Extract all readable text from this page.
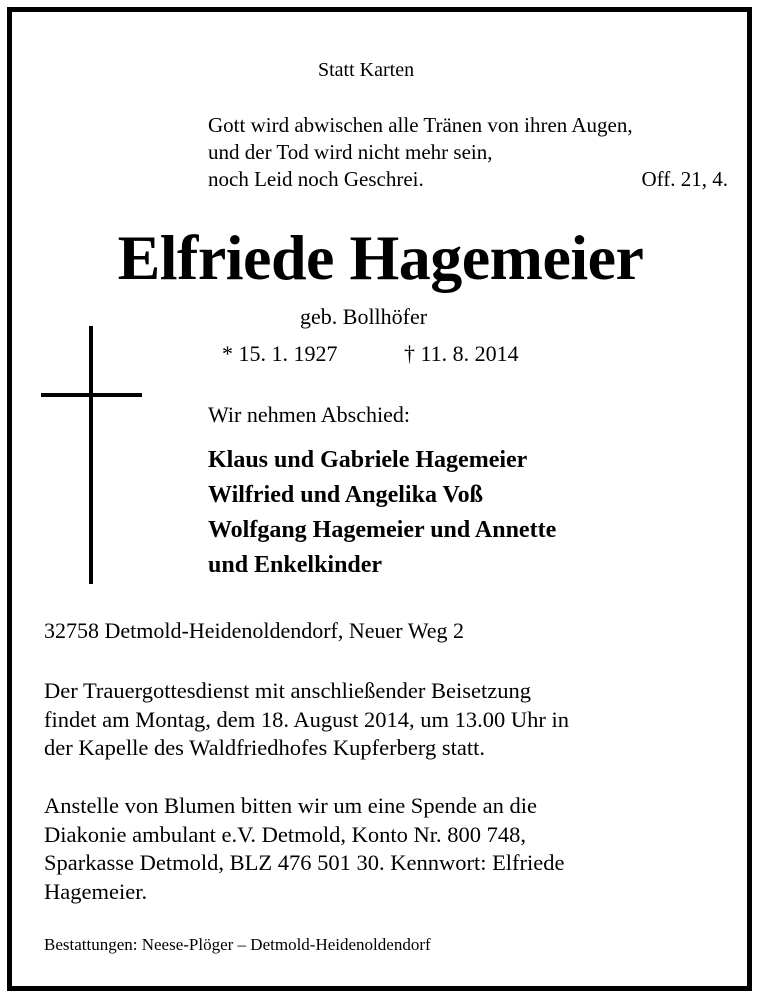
Statt Karten
Gott wird abwischen alle Tränen von ihren Augen,
und der Tod wird nicht mehr sein,
noch Leid noch Geschrei.	Off. 21, 4.
Elfriede Hagemeier
geb. Bollhöfer
* 15. 1. 1927	† 11. 8. 2014
Wir nehmen Abschied:
Klaus und Gabriele Hagemeier
Wilfried und Angelika Voß
Wolfgang Hagemeier und Annette
und Enkelkinder
32758 Detmold-Heidenoldendorf, Neuer Weg 2
Der Trauergottesdienst mit anschließender Beisetzung
findet am Montag, dem 18. August 2014, um 13.00 Uhr in
der Kapelle des Waldfriedhofes Kupferberg statt.
Anstelle von Blumen bitten wir um eine Spende an die
Diakonie ambulant e.V. Detmold, Konto Nr. 800 748,
Sparkasse Detmold, BLZ 476 501 30. Kennwort: Elfriede
Hagemeier.
Bestattungen: Neese-Plöger – Detmold-Heidenoldendorf
